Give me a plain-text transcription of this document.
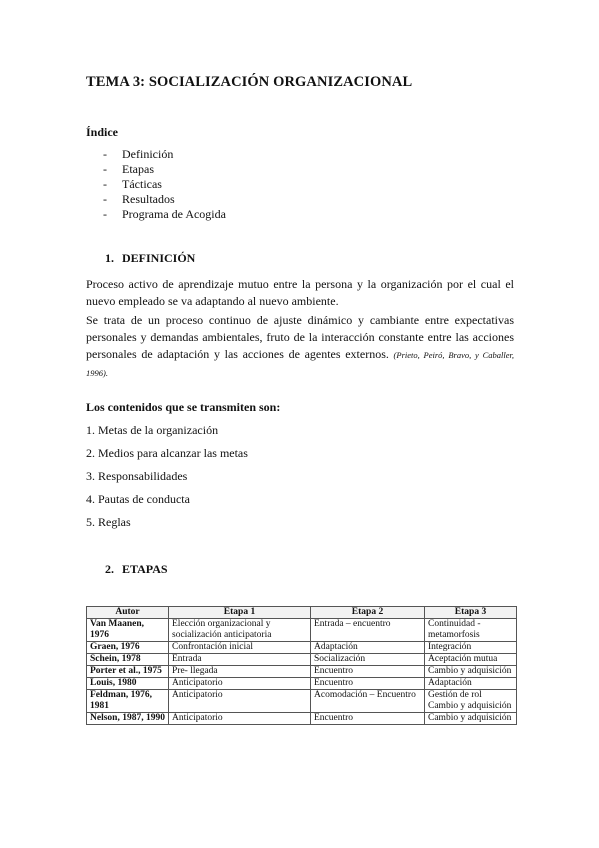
TEMA 3: SOCIALIZACIÓN ORGANIZACIONAL
Índice
- Definición
- Etapas
- Tácticas
- Resultados
- Programa de Acogida
1. DEFINICIÓN
Proceso activo de aprendizaje mutuo entre la persona y la organización por el cual el nuevo empleado se va adaptando al nuevo ambiente.
Se trata de un proceso continuo de ajuste dinámico y cambiante entre expectativas personales y demandas ambientales, fruto de la interacción constante entre las acciones personales de adaptación y las acciones de agentes externos. (Prieto, Peiró, Bravo, y Caballer, 1996).
Los contenidos que se transmiten son:
1. Metas de la organización
2. Medios para alcanzar las metas
3. Responsabilidades
4. Pautas de conducta
5. Reglas
2. ETAPAS
Autor	Etapa 1	Etapa 2	Etapa 3
Van Maanen, 1976	Elección organizacional y socialización anticipatoria	Entrada – encuentro	Continuidad - metamorfosis
Graen, 1976	Confrontación inicial	Adaptación	Integración
Schein, 1978	Entrada	Socialización	Aceptación mutua
Porter et al., 1975	Pre- llegada	Encuentro	Cambio y adquisición
Louis, 1980	Anticipatorio	Encuentro	Adaptación
Feldman, 1976, 1981	Anticipatorio	Acomodación – Encuentro	Gestión de rol Cambio y adquisición
Nelson, 1987, 1990	Anticipatorio	Encuentro	Cambio y adquisición
